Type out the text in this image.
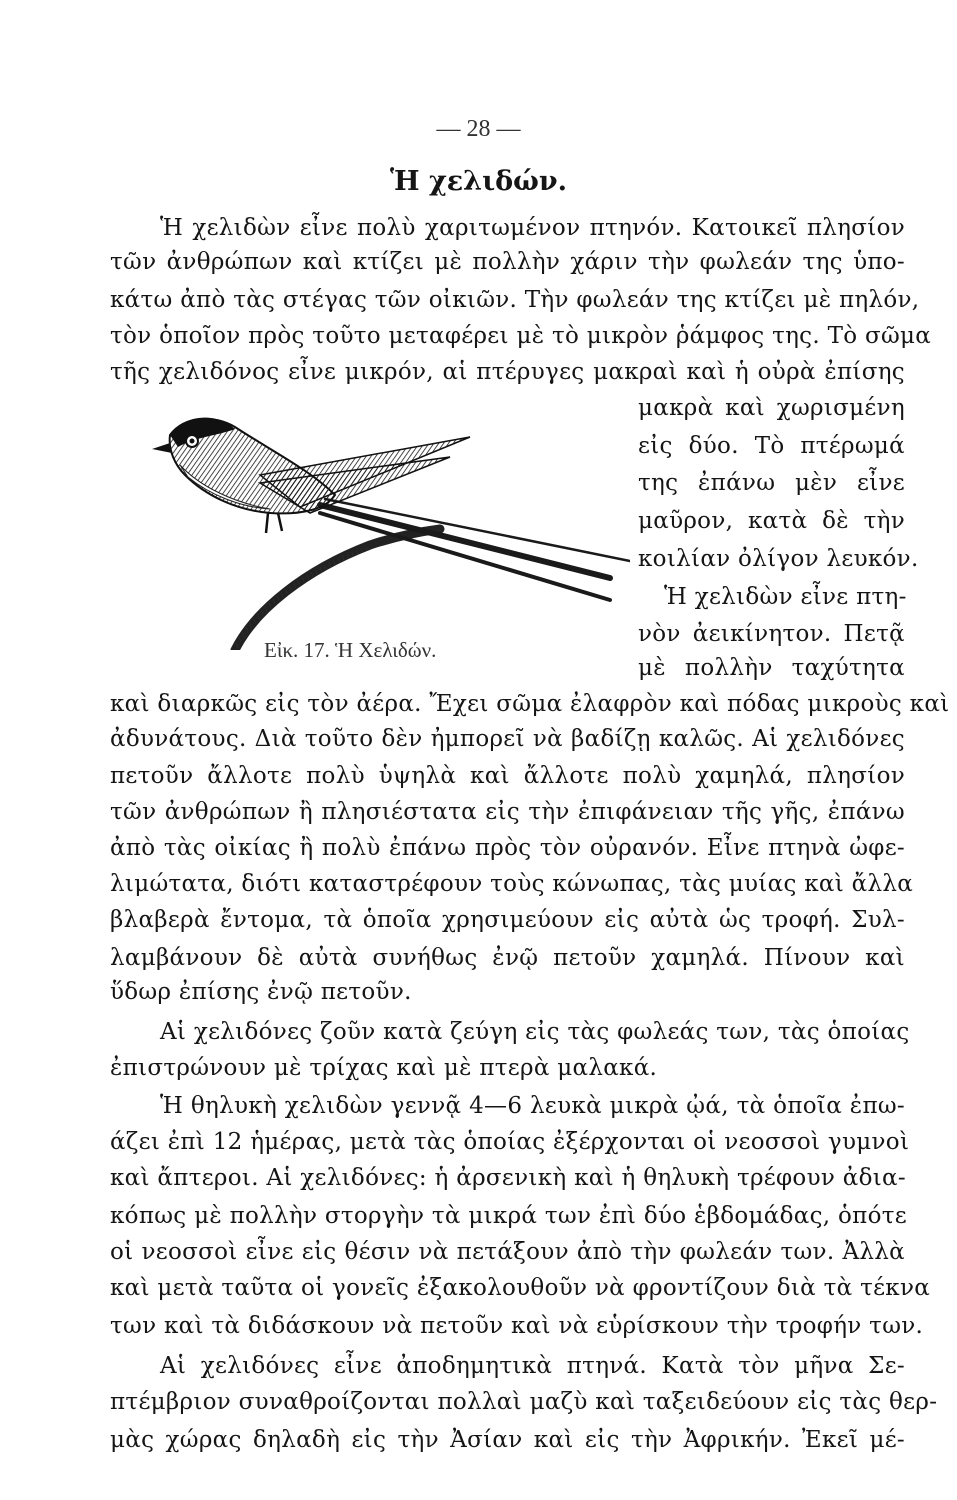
— 28 —
Ἡ χελιδών.
Ἡ χελιδὼν εἶνε πολὺ χαριτωμένον πτηνόν. Κατοικεῖ πλησίον
τῶν ἀνθρώπων καὶ κτίζει μὲ πολλὴν χάριν τὴν φωλεάν της ὑπο-
κάτω ἀπὸ τὰς στέγας τῶν οἰκιῶν. Τὴν φωλεάν της κτίζει μὲ πηλόν,
τὸν ὁποῖον πρὸς τοῦτο μεταφέρει μὲ τὸ μικρὸν ῥάμφος της. Τὸ σῶμα
τῆς χελιδόνος εἶνε μικρόν, αἱ πτέρυγες μακραὶ καὶ ἡ οὐρὰ ἐπίσης
Εἰκ. 17. Ἡ Χελιδών.
μακρὰ καὶ χωρισμένη
εἰς δύο. Τὸ πτέρωμά
της ἐπάνω μὲν εἶνε
μαῦρον, κατὰ δὲ τὴν
κοιλίαν ὀλίγον λευκόν.
Ἡ χελιδὼν εἶνε πτη-
νὸν ἀεικίνητον. Πετᾷ
μὲ πολλὴν ταχύτητα
καὶ διαρκῶς εἰς τὸν ἀέρα. Ἔχει σῶμα ἐλαφρὸν καὶ πόδας μικροὺς καὶ
ἀδυνάτους. Διὰ τοῦτο δὲν ἠμπορεῖ νὰ βαδίζῃ καλῶς. Αἱ χελιδόνες
πετοῦν ἄλλοτε πολὺ ὑψηλὰ καὶ ἄλλοτε πολὺ χαμηλά, πλησίον
τῶν ἀνθρώπων ἢ πλησιέστατα εἰς τὴν ἐπιφάνειαν τῆς γῆς, ἐπάνω
ἀπὸ τὰς οἰκίας ἢ πολὺ ἐπάνω πρὸς τὸν οὐρανόν. Εἶνε πτηνὰ ὠφε-
λιμώτατα, διότι καταστρέφουν τοὺς κώνωπας, τὰς μυίας καὶ ἄλλα
βλαβερὰ ἔντομα, τὰ ὁποῖα χρησιμεύουν εἰς αὐτὰ ὡς τροφή. Συλ-
λαμβάνουν δὲ αὐτὰ συνήθως ἐνῷ πετοῦν χαμηλά. Πίνουν καὶ
ὕδωρ ἐπίσης ἐνῷ πετοῦν.
Αἱ χελιδόνες ζοῦν κατὰ ζεύγη εἰς τὰς φωλεάς των, τὰς ὁποίας
ἐπιστρώνουν μὲ τρίχας καὶ μὲ πτερὰ μαλακά.
Ἡ θηλυκὴ χελιδὼν γεννᾷ 4—6 λευκὰ μικρὰ ᾠά, τὰ ὁποῖα ἐπω-
άζει ἐπὶ 12 ἡμέρας, μετὰ τὰς ὁποίας ἐξέρχονται οἱ νεοσσοὶ γυμνοὶ
καὶ ἄπτεροι. Αἱ χελιδόνες: ἡ ἀρσενικὴ καὶ ἡ θηλυκὴ τρέφουν ἀδια-
κόπως μὲ πολλὴν στοργὴν τὰ μικρά των ἐπὶ δύο ἑβδομάδας, ὁπότε
οἱ νεοσσοὶ εἶνε εἰς θέσιν νὰ πετάξουν ἀπὸ τὴν φωλεάν των. Ἀλλὰ
καὶ μετὰ ταῦτα οἱ γονεῖς ἐξακολουθοῦν νὰ φροντίζουν διὰ τὰ τέκνα
των καὶ τὰ διδάσκουν νὰ πετοῦν καὶ νὰ εὑρίσκουν τὴν τροφήν των.
Αἱ χελιδόνες εἶνε ἀποδημητικὰ πτηνά. Κατὰ τὸν μῆνα Σε-
πτέμβριον συναθροίζονται πολλαὶ μαζὺ καὶ ταξειδεύουν εἰς τὰς θερ-
μὰς χώρας δηλαδὴ εἰς τὴν Ἀσίαν καὶ εἰς τὴν Ἀφρικήν. Ἐκεῖ μέ-
